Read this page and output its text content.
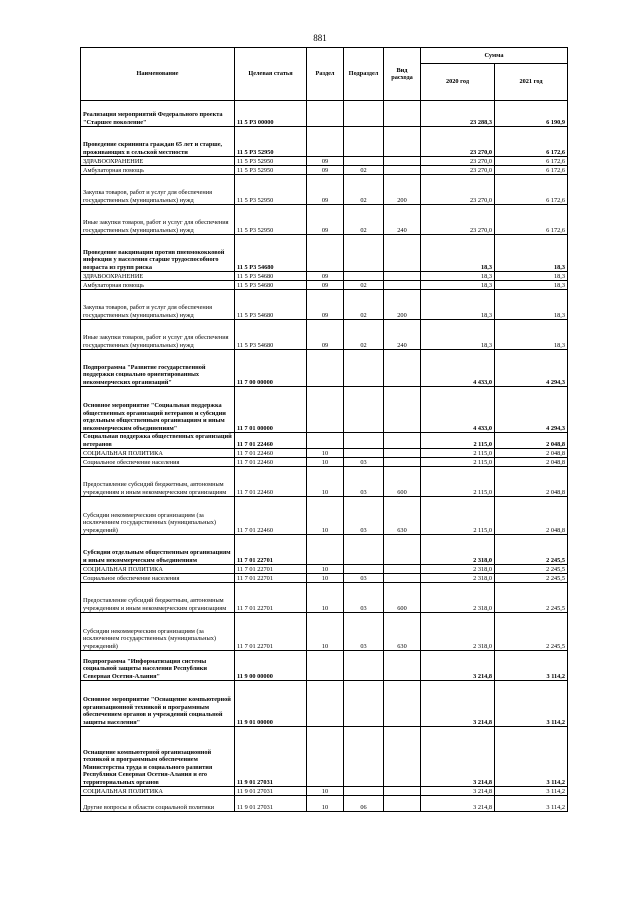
881
Наименование	Целевая статья	Раздел	Подраздел	Вид расхода	Сумма	
					2020 год	2021 год
Реализация мероприятий Федерального проекта "Старшее поколение"	11 5 P3 00000				23 288,3	6 190,9
Проведение скрининга граждан 65 лет и старше, проживающих в сельской местности	11 5 P3 52950				23 270,0	6 172,6
ЗДРАВООХРАНЕНИЕ	11 5 P3 52950	09			23 270,0	6 172,6
Амбулаторная помощь	11 5 P3 52950	09	02		23 270,0	6 172,6
Закупка товаров, работ и услуг для обеспечения государственных (муниципальных) нужд	11 5 P3 52950	09	02	200	23 270,0	6 172,6
Иные закупки товаров, работ и услуг для обеспечения государственных (муниципальных) нужд	11 5 P3 52950	09	02	240	23 270,0	6 172,6
Проведение вакцинации против пневмококковой инфекции у населения старше трудоспособного возраста из групп риска	11 5 P3 54680				18,3	18,3
ЗДРАВООХРАНЕНИЕ	11 5 P3 54680	09			18,3	18,3
Амбулаторная помощь	11 5 P3 54680	09	02		18,3	18,3
Закупка товаров, работ и услуг для обеспечения государственных (муниципальных) нужд	11 5 P3 54680	09	02	200	18,3	18,3
Иные закупки товаров, работ и услуг для обеспечения государственных (муниципальных) нужд	11 5 P3 54680	09	02	240	18,3	18,3
Подпрограмма "Развитие государственной поддержки социально ориентированных некоммерческих организаций"	11 7 00 00000				4 433,0	4 294,3
Основное мероприятие "Социальная поддержка общественных организаций ветеранов и субсидии отдельным общественным организациям и иным некоммерческим объединениям"	11 7 01 00000				4 433,0	4 294,3
Социальная поддержка общественных организаций ветеранов	11 7 01 22460				2 115,0	2 048,8
СОЦИАЛЬНАЯ ПОЛИТИКА	11 7 01 22460	10			2 115,0	2 048,8
Социальное обеспечение населения	11 7 01 22460	10	03		2 115,0	2 048,8
Предоставление субсидий бюджетным, автономным учреждениям и иным некоммерческим организациям	11 7 01 22460	10	03	600	2 115,0	2 048,8
Субсидии некоммерческим организациям (за исключением государственных (муниципальных) учреждений)	11 7 01 22460	10	03	630	2 115,0	2 048,8
Субсидии отдельным общественным организациям и иным некоммерческим объединениям	11 7 01 22701				2 318,0	2 245,5
СОЦИАЛЬНАЯ ПОЛИТИКА	11 7 01 22701	10			2 318,0	2 245,5
Социальное обеспечение населения	11 7 01 22701	10	03		2 318,0	2 245,5
Предоставление субсидий бюджетным, автономным учреждениям и иным некоммерческим организациям	11 7 01 22701	10	03	600	2 318,0	2 245,5
Субсидии некоммерческим организациям (за исключением государственных (муниципальных) учреждений)	11 7 01 22701	10	03	630	2 318,0	2 245,5
Подпрограмма "Информатизация системы социальной защиты населения Республики Северная Осетия-Алания"	11 9 00 00000				3 214,8	3 114,2
Основное мероприятие "Оснащение компьютерной организационной техникой и программным обеспечением органов и учреждений социальной защиты населения"	11 9 01 00000				3 214,8	3 114,2
Оснащение компьютерной организационной техникой и программным обеспечением Министерства труда и социального развития Республики Северная Осетия-Алания и его территориальных органов	11 9 01 27031				3 214,8	3 114,2
СОЦИАЛЬНАЯ ПОЛИТИКА	11 9 01 27031	10			3 214,8	3 114,2
Другие вопросы в области социальной политики	11 9 01 27031	10	06		3 214,8	3 114,2
